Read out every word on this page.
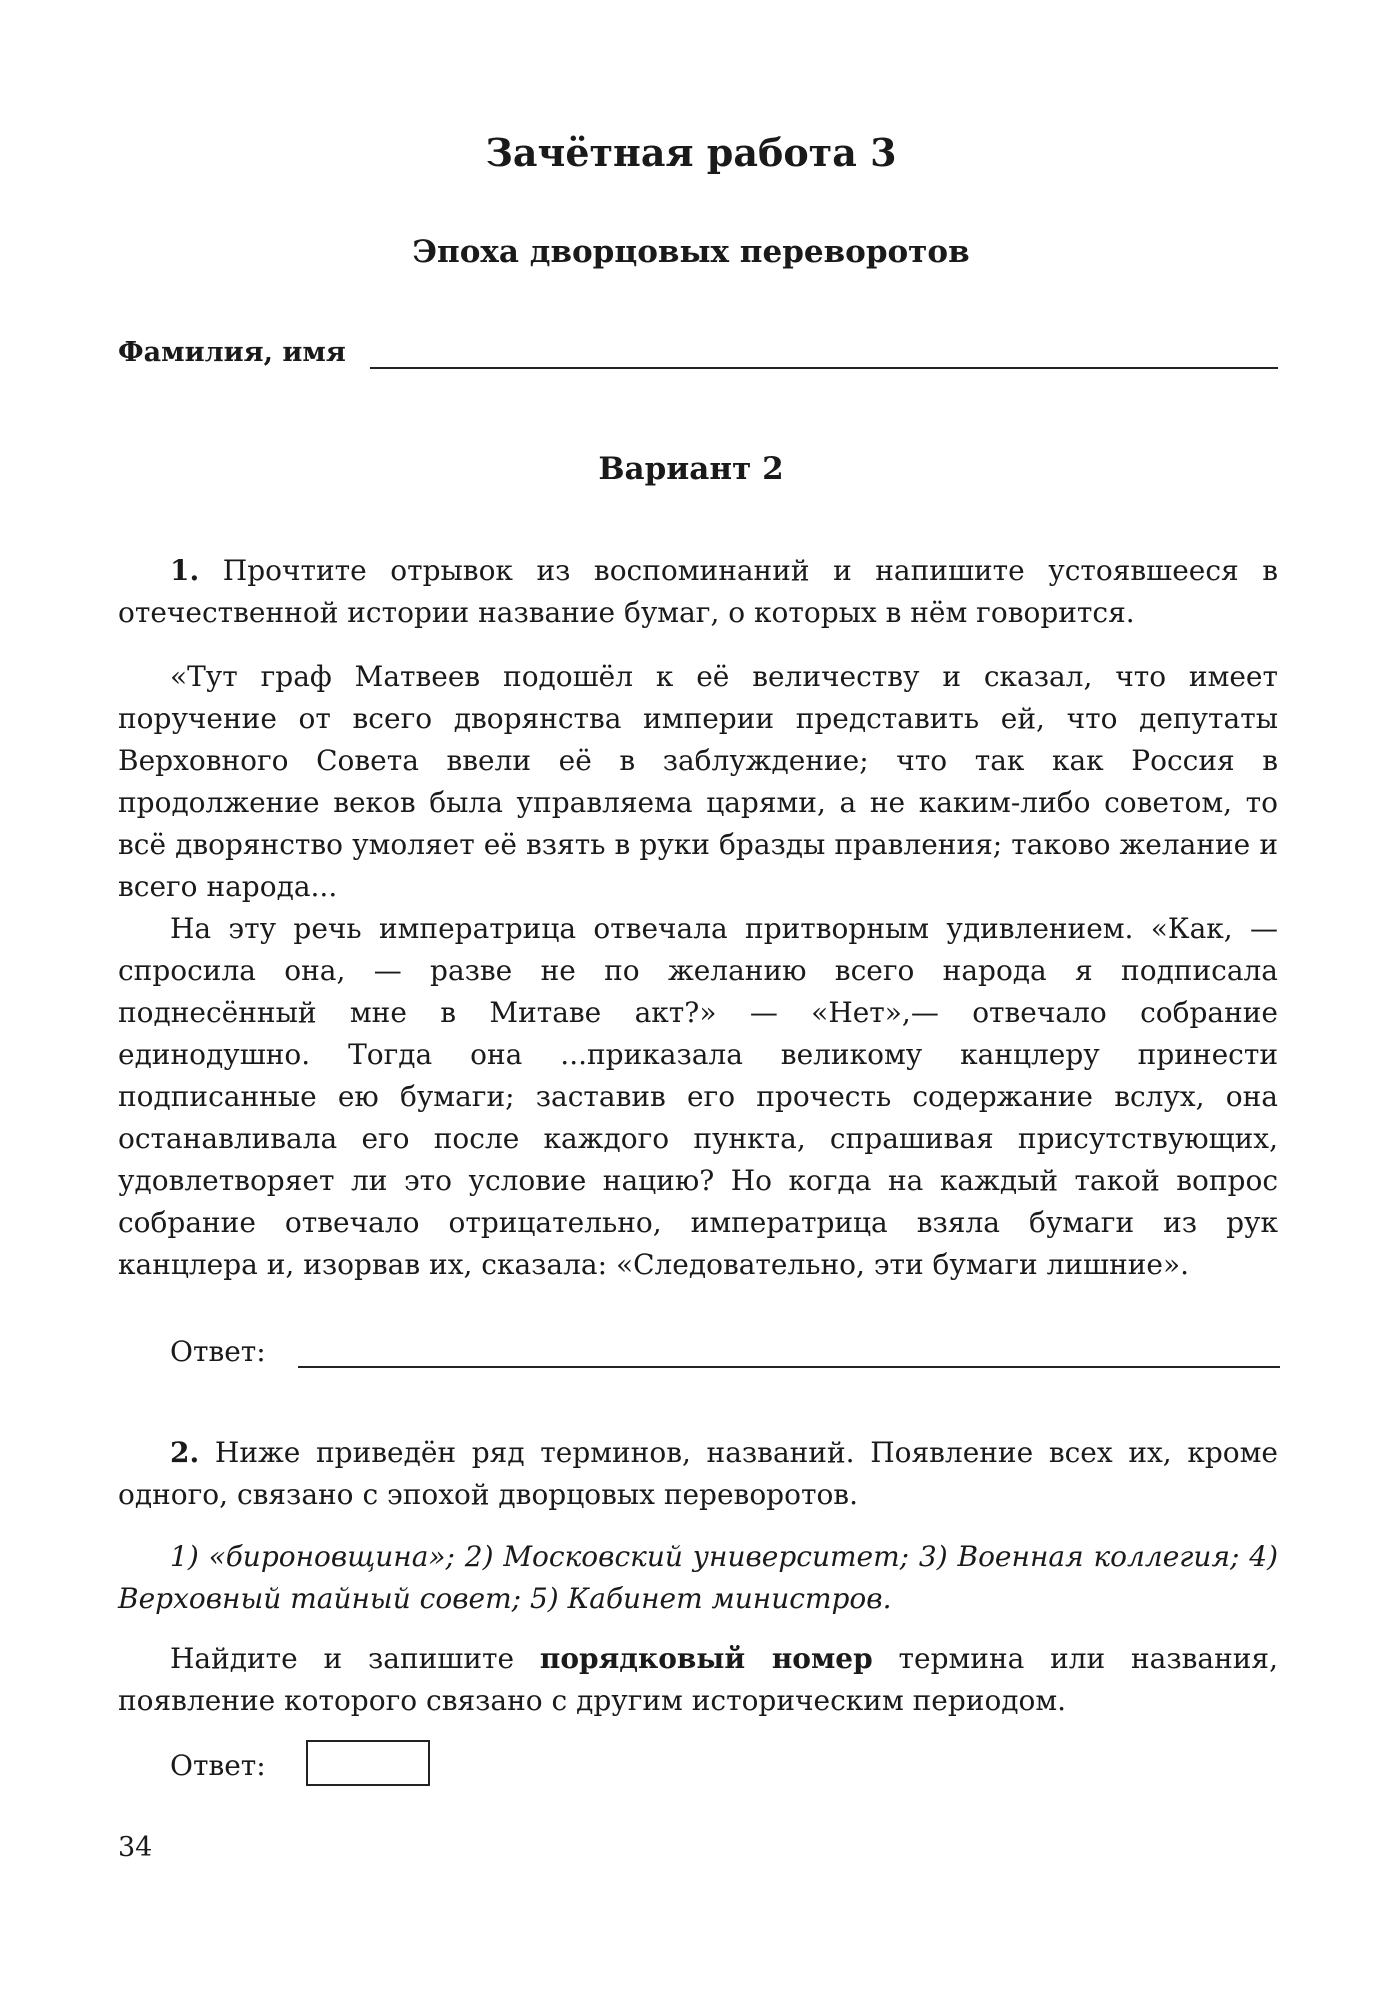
Зачётная работа 3
Эпоха дворцовых переворотов
Фамилия, имя
Вариант 2

1. Прочтите отрывок из воспоминаний и напишите устоявшееся в отечественной истории название бумаг, о которых в нём говорится.

«Тут граф Матвеев подошёл к её величеству и сказал, что имеет поручение от всего дворянства империи представить ей, что депутаты Верховного Совета ввели её в заблуждение; что так как Россия в продолжение веков была управляема царями, а не каким-либо советом, то всё дворянство умоляет её взять в руки бразды правления; таково желание и всего народа...

На эту речь императрица отвечала притворным удивлением. «Как, — спросила она, — разве не по желанию всего народа я подписала поднесённый мне в Митаве акт?» — «Нет»,— отвечало собрание единодушно. Тогда она ...приказала великому канцлеру принести подписанные ею бумаги; заставив его прочесть содержание вслух, она останавливала его после каждого пункта, спрашивая присутствующих, удовлетворяет ли это условие нацию? Но когда на каждый такой вопрос собрание отвечало отрицательно, императрица взяла бумаги из рук канцлера и, изорвав их, сказала: «Следовательно, эти бумаги лишние».

Ответ:

2. Ниже приведён ряд терминов, названий. Появление всех их, кроме одного, связано с эпохой дворцовых переворотов.

1) «бироновщина»; 2) Московский университет; 3) Военная коллегия; 4) Верховный тайный совет; 5) Кабинет министров.

Найдите и запишите порядковый номер термина или названия, появление которого связано с другим историческим периодом.

Ответ:
34
